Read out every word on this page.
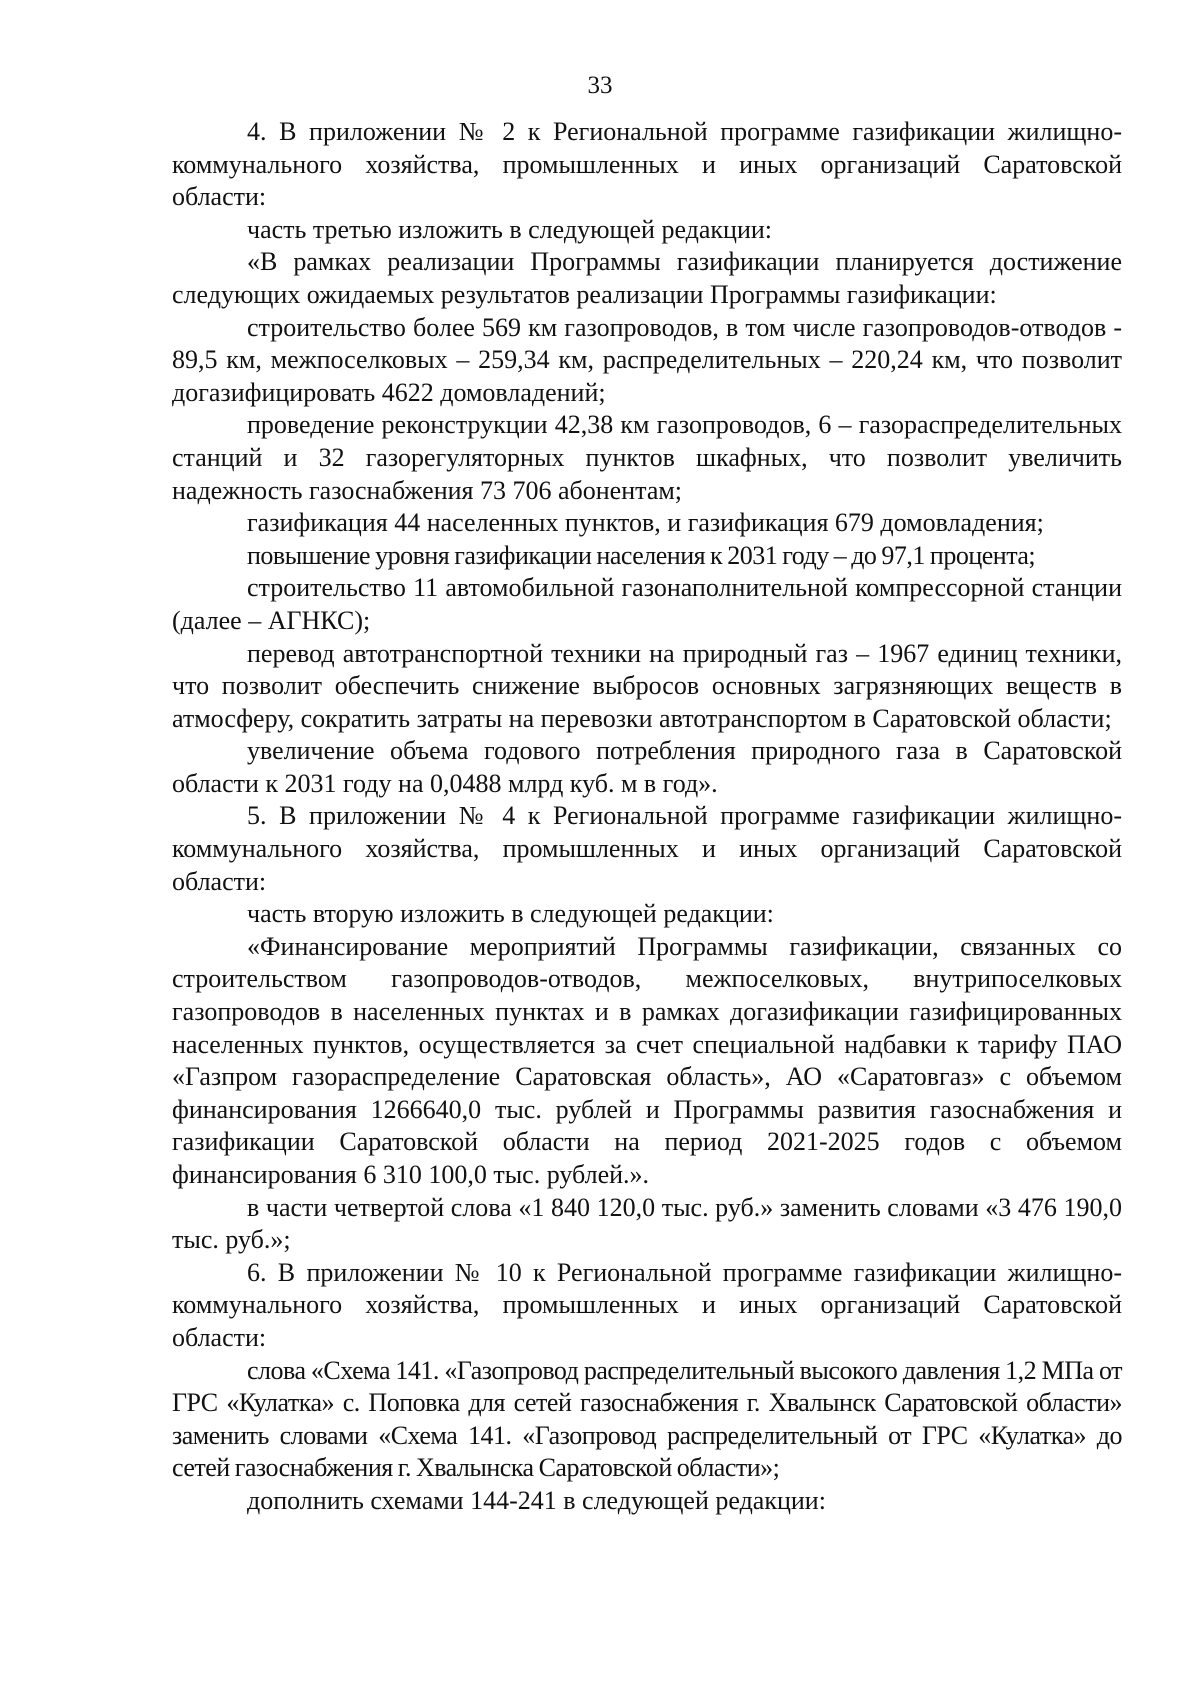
33

4. В приложении № 2 к Региональной программе газификации жилищно-коммунального хозяйства, промышленных и иных организаций Саратовской области:

часть третью изложить в следующей редакции:

«В рамках реализации Программы газификации планируется достижение следующих ожидаемых результатов реализации Программы газификации:

строительство более 569 км газопроводов, в том числе газопроводов-отводов - 89,5 км, межпоселковых – 259,34 км, распределительных – 220,24 км, что позволит догазифицировать 4622 домовладений;

проведение реконструкции 42,38 км газопроводов, 6 – газораспределительных станций и 32 газорегуляторных пунктов шкафных, что позволит увеличить надежность газоснабжения 73 706 абонентам;

газификация 44 населенных пунктов, и газификация 679 домовладения;

повышение уровня газификации населения к 2031 году – до 97,1 процента;

строительство 11 автомобильной газонаполнительной компрессорной станции (далее – АГНКС);

перевод автотранспортной техники на природный газ – 1967 единиц техники, что позволит обеспечить снижение выбросов основных загрязняющих веществ в атмосферу, сократить затраты на перевозки автотранспортом в Саратовской области;

увеличение объема годового потребления природного газа в Саратовской области к 2031 году на 0,0488 млрд куб. м в год».

5. В приложении № 4 к Региональной программе газификации жилищно-коммунального хозяйства, промышленных и иных организаций Саратовской области:

часть вторую изложить в следующей редакции:

«Финансирование мероприятий Программы газификации, связанных со строительством газопроводов-отводов, межпоселковых, внутрипоселковых газопроводов в населенных пунктах и в рамках догазификации газифицированных населенных пунктов, осуществляется за счет специальной надбавки к тарифу ПАО «Газпром газораспределение Саратовская область», АО «Саратовгаз» с объемом финансирования 1266640,0 тыс. рублей и Программы развития газоснабжения и газификации Саратовской области на период 2021-2025 годов с объемом финансирования 6 310 100,0 тыс. рублей.».

в части четвертой слова «1 840 120,0 тыс. руб.» заменить словами «3 476 190,0 тыс. руб.»;

6. В приложении № 10 к Региональной программе газификации жилищно-коммунального хозяйства, промышленных и иных организаций Саратовской области:

слова «Схема 141. «Газопровод распределительный высокого давления 1,2 МПа от ГРС «Кулатка» с. Поповка для сетей газоснабжения г. Хвалынск Саратовской области» заменить словами «Схема 141. «Газопровод распределительный от ГРС «Кулатка» до сетей газоснабжения г. Хвалынска Саратовской области»;

дополнить схемами 144-241 в следующей редакции:
